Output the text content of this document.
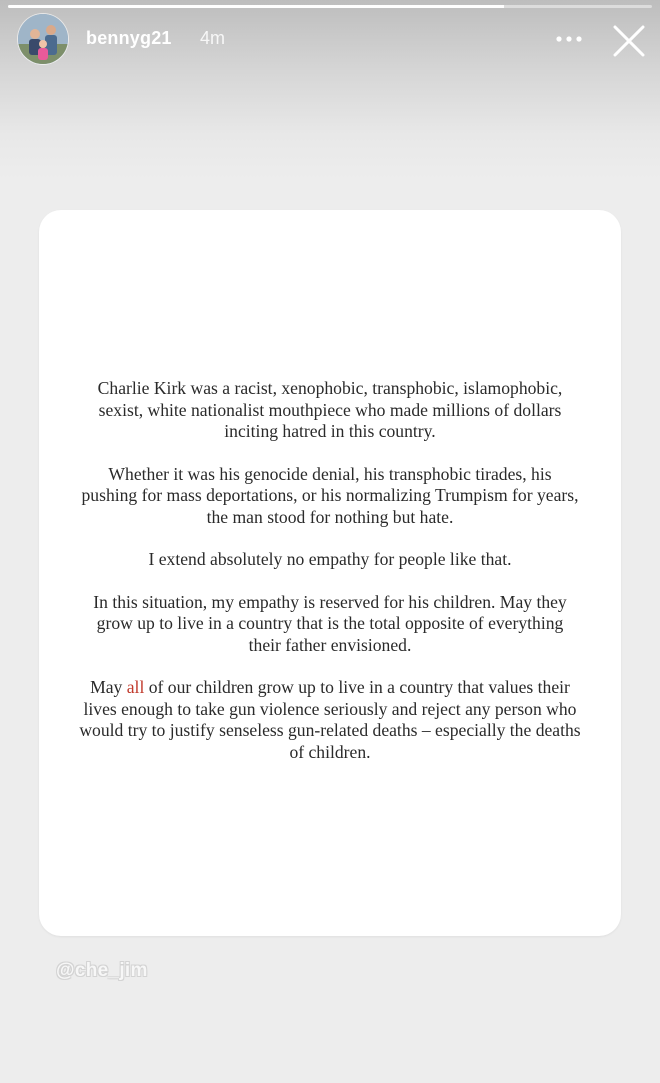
bennyg21 4m

Charlie Kirk was a racist, xenophobic, transphobic, islamophobic, sexist, white nationalist mouthpiece who made millions of dollars inciting hatred in this country.

Whether it was his genocide denial, his transphobic tirades, his pushing for mass deportations, or his normalizing Trumpism for years, the man stood for nothing but hate.

I extend absolutely no empathy for people like that.

In this situation, my empathy is reserved for his children. May they grow up to live in a country that is the total opposite of everything their father envisioned.

May all of our children grow up to live in a country that values their lives enough to take gun violence seriously and reject any person who would try to justify senseless gun-related deaths – especially the deaths of children.

@che_jim
